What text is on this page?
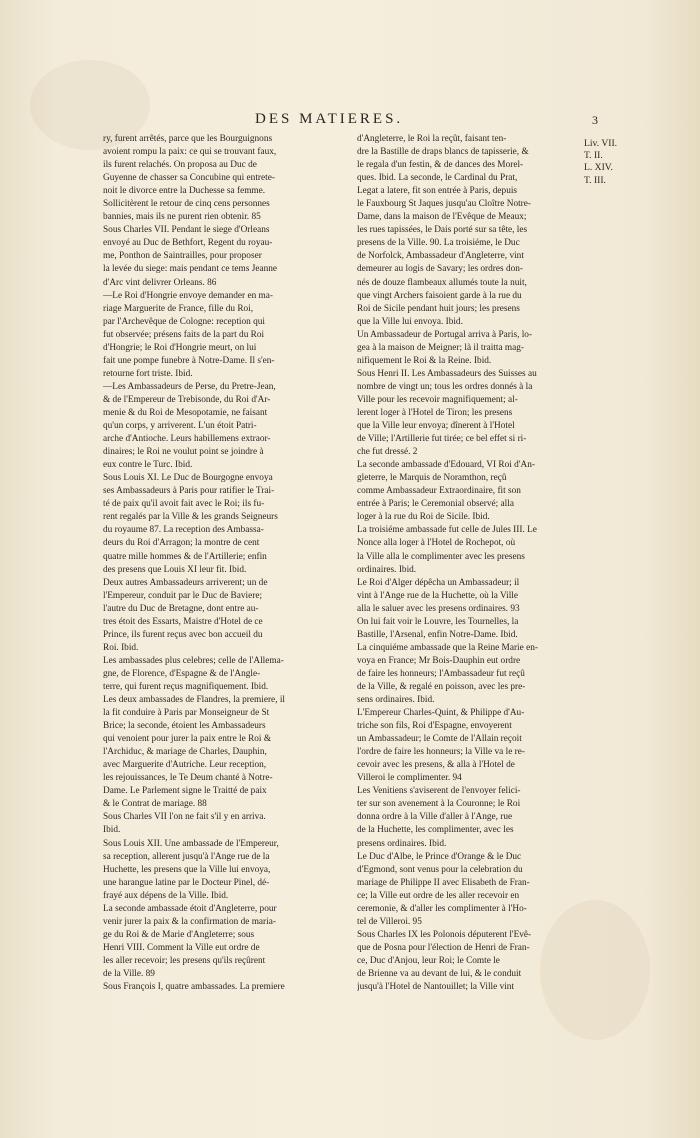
DES MATIERES.	3
ry, furent arrêtés, parce que les Bourguignons
avoient rompu la paix: ce qui se trouvant faux,
ils furent relachés. On proposa au Duc de
Guyenne de chasser sa Concubine qui entrete-
noit le divorce entre la Duchesse sa femme.
Sollicitèrent le retour de cinq cens personnes
bannies, mais ils ne purent rien obtenir. 85
Sous Charles VII. Pendant le siege d'Orleans
envoyé au Duc de Bethfort, Regent du royau-
me, Ponthon de Saintrailles, pour proposer
la levée du siege: mais pendant ce tems Jeanne
d'Arc vint delivrer Orleans. 86
—Le Roi d'Hongrie envoye demander en ma-
riage Marguerite de France, fille du Roi,
par l'Archevêque de Cologne: reception qui
fut observée; présens faits de la part du Roi
d'Hongrie; le Roi d'Hongrie meurt, on lui
fait une pompe funebre à Notre-Dame. Il s'en-
retourne fort triste. Ibid.
—Les Ambassadeurs de Perse, du Pretre-Jean,
& de l'Empereur de Trebisonde, du Roi d'Ar-
menie & du Roi de Mesopotamie, ne faisant
qu'un corps, y arriverent. L'un étoit Patri-
arche d'Antioche. Leurs habillemens extraor-
dinaires; le Roi ne voulut point se joindre à
eux contre le Turc. Ibid.
Sous Louis XI. Le Duc de Bourgogne envoya
ses Ambassadeurs à Paris pour ratifier le Trai-
té de paix qu'il avoit fait avec le Roi; ils fu-
rent regalés par la Ville & les grands Seigneurs
du royaume 87. La reception des Ambassa-
deurs du Roi d'Arragon; la montre de cent
quatre mille hommes & de l'Artillerie; enfin
des presens que Louis XI leur fit. Ibid.
Deux autres Ambassadeurs arriverent; un de
l'Empereur, conduit par le Duc de Baviere;
l'autre du Duc de Bretagne, dont entre au-
tres étoit des Essarts, Maistre d'Hotel de ce
Prince, ils furent reçus avec bon accueil du
Roi. Ibid.
Les ambassades plus celebres; celle de l'Allema-
gne, de Florence, d'Espagne & de l'Angle-
terre, qui furent reçus magnifiquement. Ibid.
Les deux ambassades de Flandres, la premiere, il
la fit conduire à Paris par Monseigneur de St
Brice; la seconde, étoient les Ambassadeurs
qui venoient pour jurer la paix entre le Roi &
l'Archiduc, & mariage de Charles, Dauphin,
avec Marguerite d'Autriche. Leur reception,
les rejouissances, le Te Deum chanté à Notre-
Dame. Le Parlement signe le Traitté de paix
& le Contrat de mariage. 88
Sous Charles VII l'on ne fait s'il y en arriva.
Ibid.
Sous Louis XII. Une ambassade de l'Empereur,
sa reception, allerent jusqu'à l'Ange rue de la
Huchette, les presens que la Ville lui envoya,
une harangue latine par le Docteur Pinel, dé-
frayé aux dépens de la Ville. Ibid.
La seconde ambassade étoit d'Angleterre, pour
venir jurer la paix & la confirmation de maria-
ge du Roi & de Marie d'Angleterre; sous
Henri VIII. Comment la Ville eut ordre de
les aller recevoir; les presens qu'ils reçûrent
de la Ville. 89
Sous François I, quatre ambassades. La premiere
d'Angleterre, le Roi la reçût, faisant ten-
dre la Bastille de draps blancs de tapisserie, &
le regala d'un festin, & de dances des Morel-
ques. Ibid. La seconde, le Cardinal du Prat,
Legat a latere, fit son entrée à Paris, depuis
le Fauxbourg St Jaques jusqu'au Cloître Notre-
Dame, dans la maison de l'Evêque de Meaux;
les rues tapissées, le Dais porté sur sa tête, les
presens de la Ville. 90. La troisiéme, le Duc
de Norfolck, Ambassadeur d'Angleterre, vint
demeurer au logis de Savary; les ordres don-
nés de douze flambeaux allumés toute la nuit,
que vingt Archers faisoient garde à la rue du
Roi de Sicile pendant huit jours; les presens
que la Ville lui envoya. Ibid.
Un Ambassadeur de Portugal arriva à Paris, lo-
gea à la maison de Meigner; là il traitta mag-
nifiquement le Roi & la Reine. Ibid.
Sous Henri II. Les Ambassadeurs des Suisses au
nombre de vingt un; tous les ordres donnés à la
Ville pour les recevoir magnifiquement; al-
lerent loger à l'Hotel de Tiron; les presens
que la Ville leur envoya; dînerent à l'Hotel
de Ville; l'Artillerie fut tirée; ce bel effet si ri-
che fut dressé. 2
La seconde ambassade d'Edouard, VI Roi d'An-
gleterre, le Marquis de Noramthon, reçû
comme Ambassadeur Extraordinaire, fit son
entrée à Paris; le Ceremonial observé; alla
loger à la rue du Roi de Sicile. Ibid.
La troisiéme ambassade fut celle de Jules III. Le
Nonce alla loger à l'Hotel de Rochepot, où
la Ville alla le complimenter avec les presens
ordinaires. Ibid.
Le Roi d'Alger dépêcha un Ambassadeur; il
vint à l'Ange rue de la Huchette, où la Ville
alla le saluer avec les presens ordinaires. 93
On lui fait voir le Louvre, les Tournelles, la
Bastille, l'Arsenal, enfin Notre-Dame. Ibid.
La cinquiéme ambassade que la Reine Marie en-
voya en France; Mr Bois-Dauphin eut ordre
de faire les honneurs; l'Ambassadeur fut reçû
de la Ville, & regalé en poisson, avec les pre-
sens ordinaires. Ibid.
L'Empereur Charles-Quint, & Philippe d'Au-
triche son fils, Roi d'Espagne, envoyerent
un Ambassadeur; le Comte de l'Allain reçoit
l'ordre de faire les honneurs; la Ville va le re-
cevoir avec les presens, & alla à l'Hotel de
Villeroi le complimenter. 94
Les Venitiens s'aviserent de l'envoyer felici-
ter sur son avenement à la Couronne; le Roi
donna ordre à la Ville d'aller à l'Ange, rue
de la Huchette, les complimenter, avec les
presens ordinaires. Ibid.
Le Duc d'Albe, le Prince d'Orange & le Duc
d'Egmond, sont venus pour la celebration du
mariage de Philippe II avec Elisabeth de Fran-
ce; la Ville eut ordre de les aller recevoir en
ceremonie, & d'aller les complimenter à l'Ho-
tel de Villeroi. 95
Sous Charles IX les Polonois députerent l'Evê-
que de Posna pour l'élection de Henri de Fran-
ce, Duc d'Anjou, leur Roi; le Comte le
de Brienne va au devant de lui, & le conduit
jusqu'à l'Hotel de Nantouillet; la Ville vint
Liv. VII.
T. II.
L. XIV.
T. III.
